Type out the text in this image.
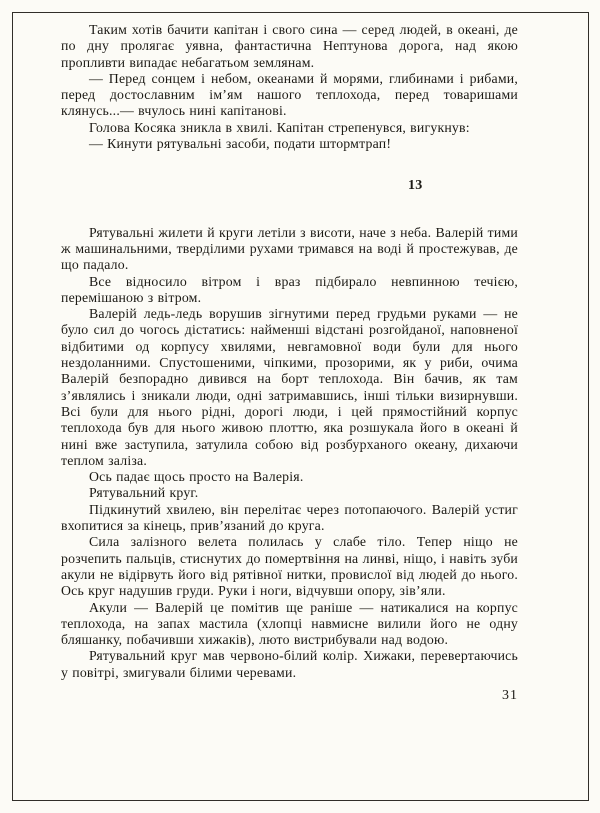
Таким хотів бачити капітан і свого сина — серед людей, в океані, де по дну пролягає уявна, фантастична Нептунова дорога, над якою пропливти випадає небагатьом землянам.

— Перед сонцем і небом, океанами й морями, глибинами і рибами, перед достославним ім’ям нашого теплохода, перед товаришами клянусь...— вчулось нині капітанові.

Голова Косяка зникла в хвилі. Капітан стрепенувся, вигукнув:

— Кинути рятувальні засоби, подати штормтрап!

13

Рятувальні жилети й круги летіли з висоти, наче з неба. Валерій тими ж машинальними, тверділими рухами тримався на воді й простежував, де що падало.

Все відносило вітром і враз підбирало невпинною течією, перемішаною з вітром.

Валерій ледь-ледь ворушив зігнутими перед грудьми руками — не було сил до чогось дістатись: найменші відстані розгойданої, наповненої відбитими од корпусу хвилями, невгамовної води були для нього нездоланними. Спустошеними, чіпкими, прозорими, як у риби, очима Валерій безпорадно дивився на борт теплохода. Він бачив, як там з’являлись і зникали люди, одні затримавшись, інші тільки визирнувши. Всі були для нього рідні, дорогі люди, і цей прямостійний корпус теплохода був для нього живою плоттю, яка розшукала його в океані й нині вже заступила, затулила собою від розбурханого океану, дихаючи теплом заліза.

Ось падає щось просто на Валерія.

Рятувальний круг.

Підкинутий хвилею, він перелітає через потопаючого. Валерій устиг вхопитися за кінець, прив’язаний до круга.

Сила залізного велета полилась у слабе тіло. Тепер ніщо не розчепить пальців, стиснутих до помертвіння на линві, ніщо, і навіть зуби акули не відірвуть його від рятівної нитки, провислої від людей до нього. Ось круг надушив груди. Руки і ноги, відчувши опору, зів’яли.

Акули — Валерій це помітив ще раніше — натикалися на корпус теплохода, на запах мастила (хлопці навмисне вилили його не одну бляшанку, побачивши хижаків), люто вистрибували над водою.

Рятувальний круг мав червоно-білий колір. Хижаки, перевертаючись у повітрі, змигували білими черевами.

31
